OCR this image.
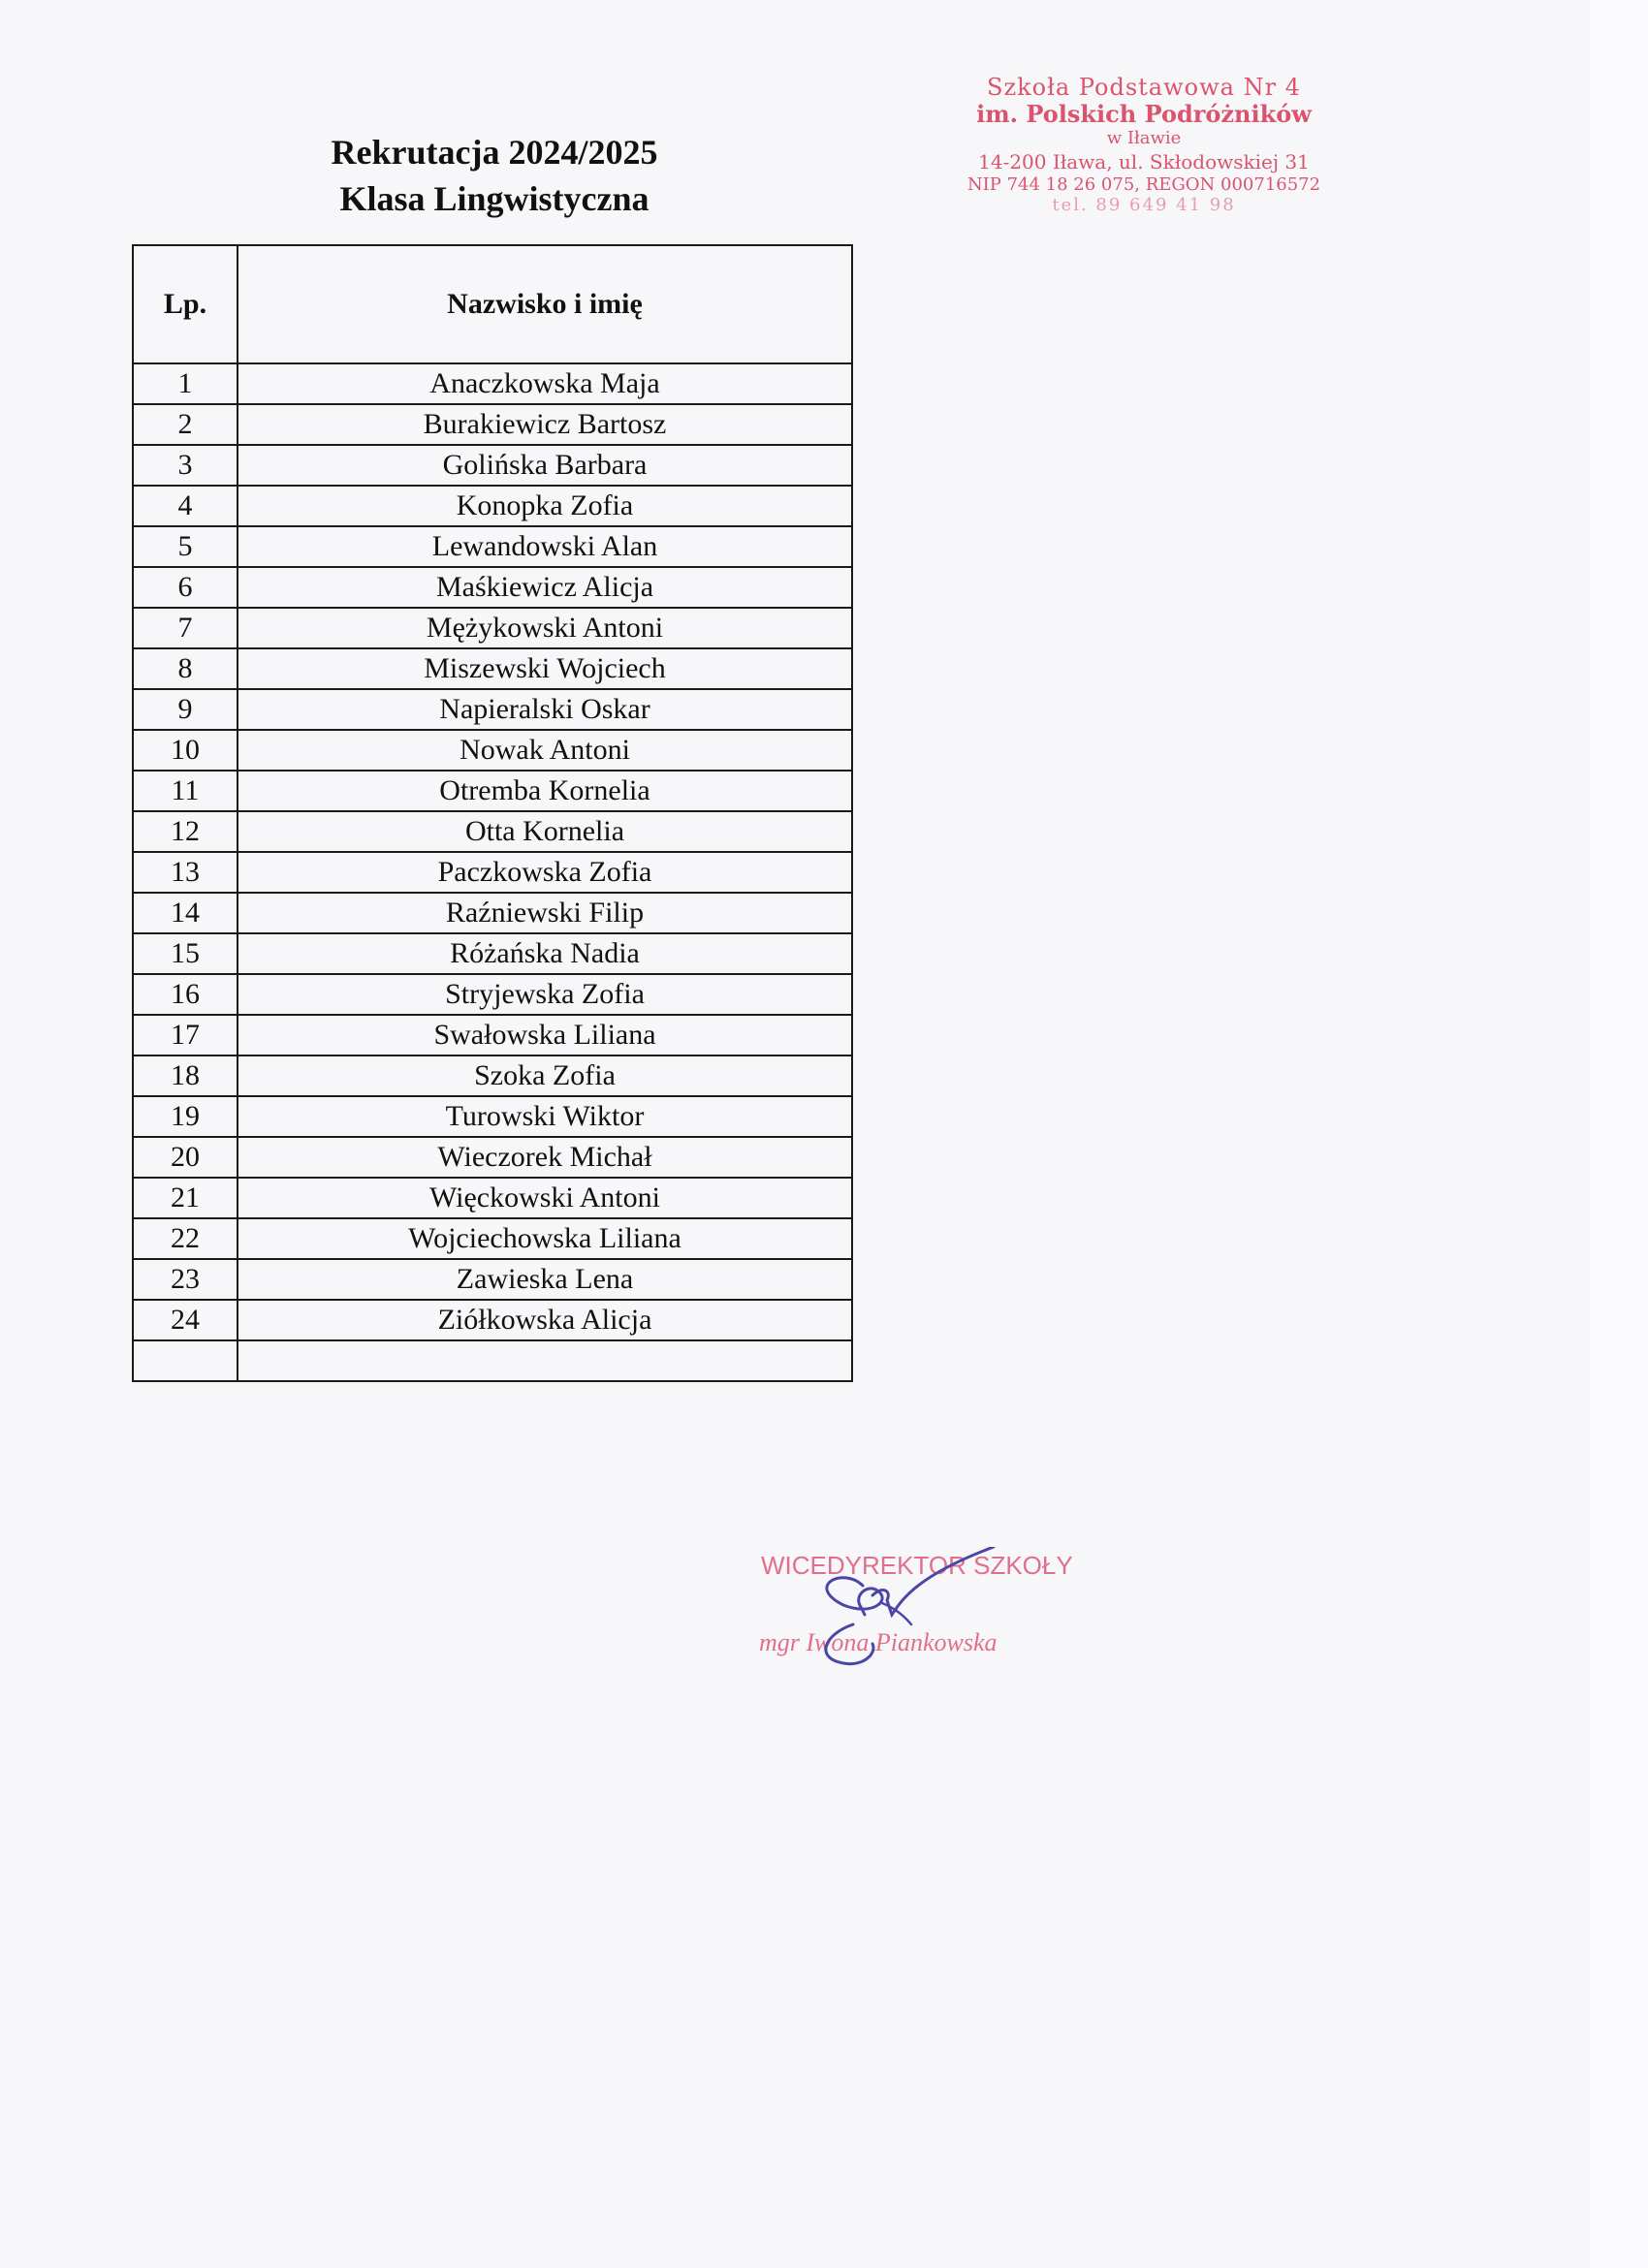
Rekrutacja 2024/2025
Klasa Lingwistyczna
Szkoła Podstawowa Nr 4
im. Polskich Podróżników
w Iławie
14-200 Iława, ul. Skłodowskiej 31
NIP 744 18 26 075, REGON 000716572
tel. 89 649 41 98
Lp.	Nazwisko i imię
1	Anaczkowska Maja
2	Burakiewicz Bartosz
3	Golińska Barbara
4	Konopka Zofia
5	Lewandowski Alan
6	Maśkiewicz Alicja
7	Mężykowski Antoni
8	Miszewski Wojciech
9	Napieralski Oskar
10	Nowak Antoni
11	Otremba Kornelia
12	Otta Kornelia
13	Paczkowska Zofia
14	Raźniewski Filip
15	Różańska Nadia
16	Stryjewska Zofia
17	Swałowska Liliana
18	Szoka Zofia
19	Turowski Wiktor
20	Wieczorek Michał
21	Więckowski Antoni
22	Wojciechowska Liliana
23	Zawieska Lena
24	Ziółkowska Alicja

WICEDYREKTOR SZKOŁY
mgr Iwona Piankowska
